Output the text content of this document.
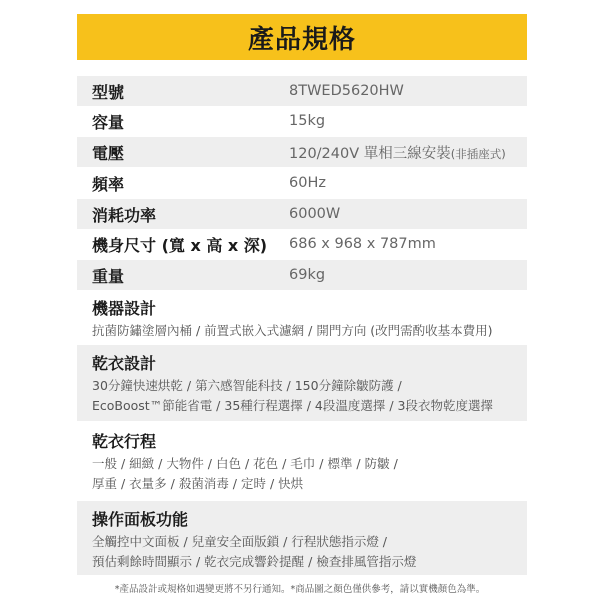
產品規格
型號	8TWED5620HW
容量	15kg
電壓	120/240V 單相三線安裝(非插座式)
頻率	60Hz
消耗功率	6000W
機身尺寸 (寬 x 高 x 深) 686 x 968 x 787mm
重量	69kg
機器設計
抗菌防鏽塗層內桶 / 前置式嵌入式濾網 / 開門方向 (改門需酌收基本費用)
乾衣設計
30分鐘快速烘乾 / 第六感智能科技 / 150分鐘除皺防護 /
EcoBoost™節能省電 / 35種行程選擇 / 4段溫度選擇 / 3段衣物乾度選擇
乾衣行程
一般 / 細緻 / 大物件 / 白色 / 花色 / 毛巾 / 標準 / 防皺 /
厚重 / 衣量多 / 殺菌消毒 / 定時 / 快烘
操作面板功能
全觸控中文面板 / 兒童安全面版鎖 / 行程狀態指示燈 /
預估剩餘時間顯示 / 乾衣完成響鈴提醒 / 檢查排風管指示燈
*產品設計或規格如遇變更將不另行通知。*商品圖之顏色僅供參考，請以實機顏色為準。
